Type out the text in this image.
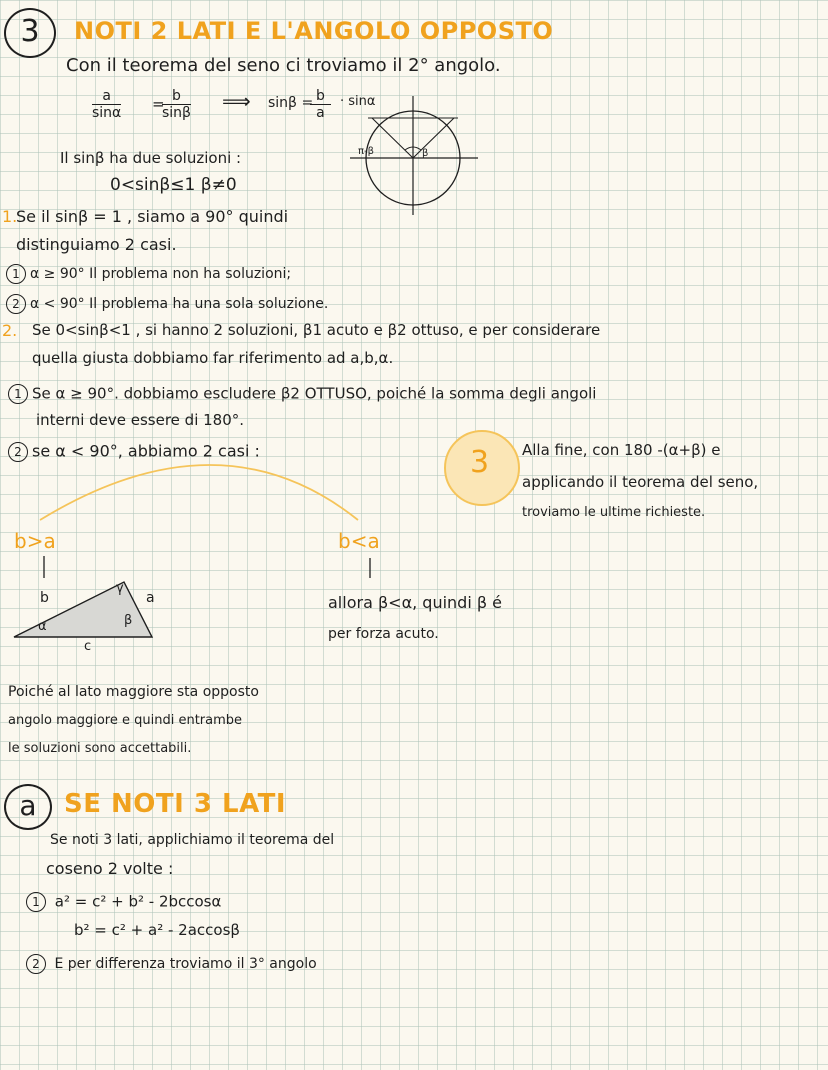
3	NOTI 2 LATI E L'ANGOLO OPPOSTO
Con il teorema del seno ci troviamo il 2° angolo.
$\frac{a}{\sin\alpha}$ =
$\frac{b}{\sin\beta}$ ⟹ sinβ =
$\frac{b}{a} \cdot \sin\alpha$
π-β	β
Il sinβ ha due soluzioni :
0<sinβ≤1 β≠0
1.
Se il sinβ = 1 , siamo a 90° quindi
distinguiamo 2 casi.
1 α ≥ 90° Il problema non ha soluzioni;
2 α < 90° Il problema ha una sola soluzione.
2. Se 0<sinβ<1 , si hanno 2 soluzioni, β1 acuto e β2 ottuso, e per considerare
quella giusta dobbiamo far riferimento ad a,b,α.
1 Se α ≥ 90°. dobbiamo escludere β2 OTTUSO, poiché la somma degli angoli
interni deve essere di 180°.
2 se α < 90°, abbiamo 2 casi :	3 Alla fine, con 180 -(α+β) e
applicando il teorema del seno,
troviamo le ultime richieste.
b>a	b<a
b	a
c
α	β
γ
allora β<α, quindi β é
per forza acuto.
Poiché al lato maggiore sta opposto
angolo maggiore e quindi entrambe
le soluzioni sono accettabili.
a	SE NOTI 3 LATI
Se noti 3 lati, applichiamo il teorema del
coseno 2 volte :
1 a² = c² + b² - 2bccosα
b² = c² + a² - 2accosβ
2 E per differenza troviamo il 3° angolo
